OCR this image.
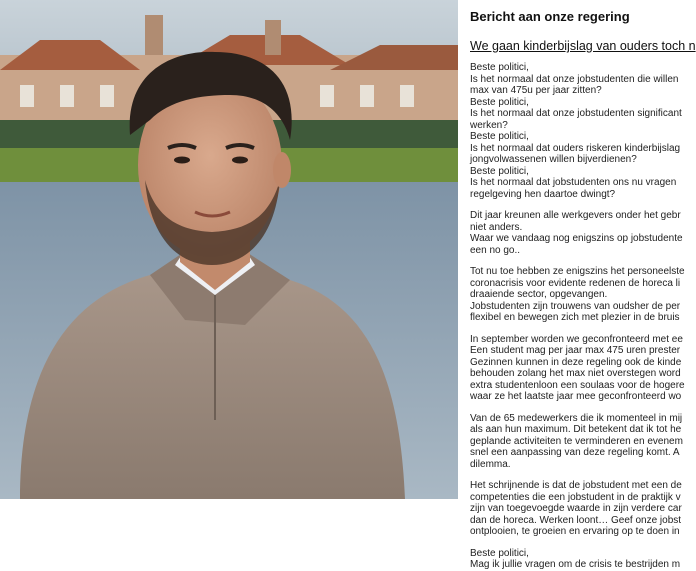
Bericht aan onze regering
We gaan kinderbijslag van ouders toch n
Beste politici,
Is het normaal dat onze jobstudenten die willen
max van 475u per jaar zitten?
Beste politici,
Is het normaal dat onze jobstudenten significant
werken?
Beste politici,
Is het normaal dat ouders riskeren kinderbijslag
jongvolwassenen willen bijverdienen?
Beste politici,
Is het normaal dat jobstudenten ons nu vragen
regelgeving hen daartoe dwingt?
Dit jaar kreunen alle werkgevers onder het gebr
niet anders.
Waar we vandaag nog enigszins op jobstudente
een no go..
Tot nu toe hebben ze enigszins het personeelste
coronacrisis voor evidente redenen de horeca li
draaiende sector, opgevangen.
Jobstudenten zijn trouwens van oudsher de per
flexibel en bewegen zich met plezier in de bruis
In september worden we geconfronteerd met ee
Een student mag per jaar max 475 uren prester
Gezinnen kunnen in deze regeling ook de kinde
behouden zolang het max niet overstegen word
extra studentenloon een soulaas voor de hogere
waar ze het laatste jaar mee geconfronteerd wo
Van de 65 medewerkers die ik momenteel in mij
als aan hun maximum. Dit betekent dat ik tot he
geplande activiteiten te verminderen en evenem
snel een aanpassing van deze regeling komt. A
dilemma.
Het schrijnende is dat de jobstudent met een de
competenties die een jobstudent in de praktijk v
zijn van toegevoegde waarde in zijn verdere car
dan de horeca. Werken loont… Geef onze jobst
ontplooien, te groeien en ervaring op te doen in
Beste politici,
Mag ik jullie vragen om de crisis te bestrijden m
